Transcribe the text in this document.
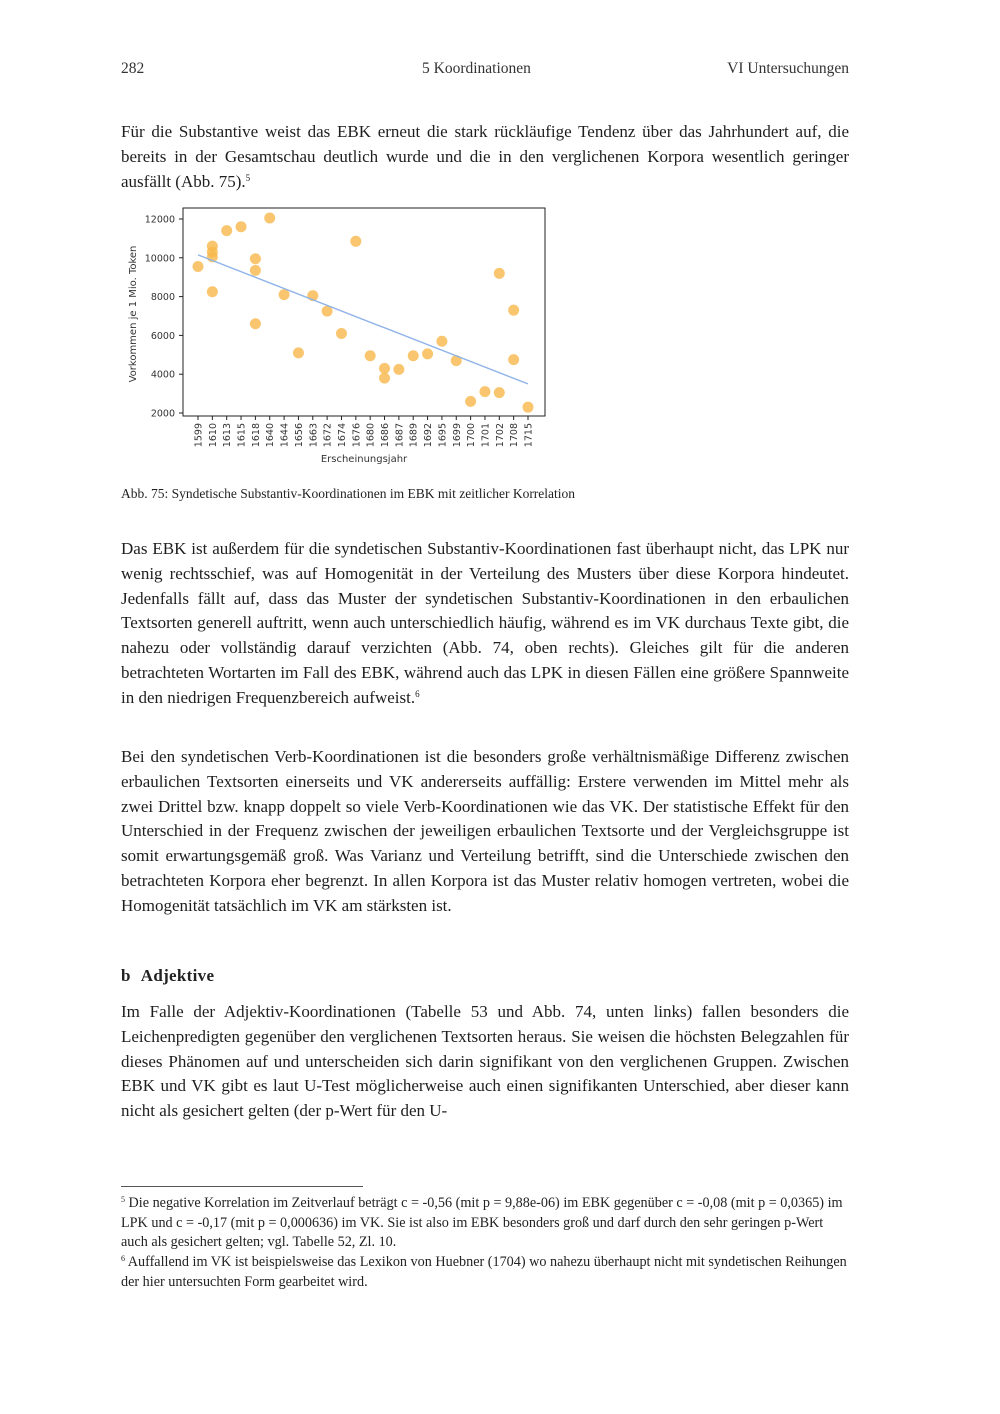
282	5 Koordinationen	VI Untersuchungen
Für die Substantive weist das EBK erneut die stark rückläufige Tendenz über das Jahrhundert auf, die bereits in der Gesamtschau deutlich wurde und die in den verglichenen Korpora wesentlich geringer ausfällt (Abb. 75).$^5$
2000
4000
6000
8000
10000
12000
1599 1610 1613 1615 1618 1640 1644 1656 1663 1672 1674 1676 1680 1686 1687 1689 1692 1695 1699 1700 1701 1702 1708 1715
Vorkommen je 1 Mio. Token
Erscheinungsjahr
Abb. 75: Syndetische Substantiv-Koordinationen im EBK mit zeitlicher Korrelation
Das EBK ist außerdem für die syndetischen Substantiv-Koordinationen fast überhaupt nicht, das LPK nur wenig rechtsschief, was auf Homogenität in der Verteilung des Musters über diese Korpora hindeutet. Jedenfalls fällt auf, dass das Muster der syndetischen Substantiv-Koordinationen in den erbaulichen Textsorten generell auftritt, wenn auch unterschiedlich häufig, während es im VK durchaus Texte gibt, die nahezu oder vollständig darauf verzichten (Abb. 74, oben rechts). Gleiches gilt für die anderen betrachteten Wortarten im Fall des EBK, während auch das LPK in diesen Fällen eine größere Spannweite in den niedrigen Frequenzbereich aufweist.$^6$
Bei den syndetischen Verb-Koordinationen ist die besonders große verhältnismäßige Differenz zwischen erbaulichen Textsorten einerseits und VK andererseits auffällig: Erstere verwenden im Mittel mehr als zwei Drittel bzw. knapp doppelt so viele Verb-Koordinationen wie das VK. Der statistische Effekt für den Unterschied in der Frequenz zwischen der jeweiligen erbaulichen Textsorte und der Vergleichsgruppe ist somit erwartungsgemäß groß. Was Varianz und Verteilung betrifft, sind die Unterschiede zwischen den betrachteten Korpora eher begrenzt. In allen Korpora ist das Muster relativ homogen vertreten, wobei die Homogenität tatsächlich im VK am stärksten ist.
b Adjektive
Im Falle der Adjektiv-Koordinationen (Tabelle 53 und Abb. 74, unten links) fallen besonders die Leichenpredigten gegenüber den verglichenen Textsorten heraus. Sie weisen die höchsten Belegzahlen für dieses Phänomen auf und unterscheiden sich darin signifikant von den verglichenen Gruppen. Zwischen EBK und VK gibt es laut U-Test möglicherweise auch einen signifikanten Unterschied, aber dieser kann nicht als gesichert gelten (der p-Wert für den U-
$^5$ Die negative Korrelation im Zeitverlauf beträgt c = -0,56 (mit p = 9,88e-06) im EBK gegenüber c = -0,08 (mit p = 0,0365) im LPK und c = -0,17 (mit p = 0,000636) im VK. Sie ist also im EBK besonders groß und darf durch den sehr geringen p-Wert auch als gesichert gelten; vgl. Tabelle 52, Zl. 10.
$^6$ Auffallend im VK ist beispielsweise das Lexikon von Huebner (1704) wo nahezu überhaupt nicht mit syndetischen Reihungen der hier untersuchten Form gearbeitet wird.
